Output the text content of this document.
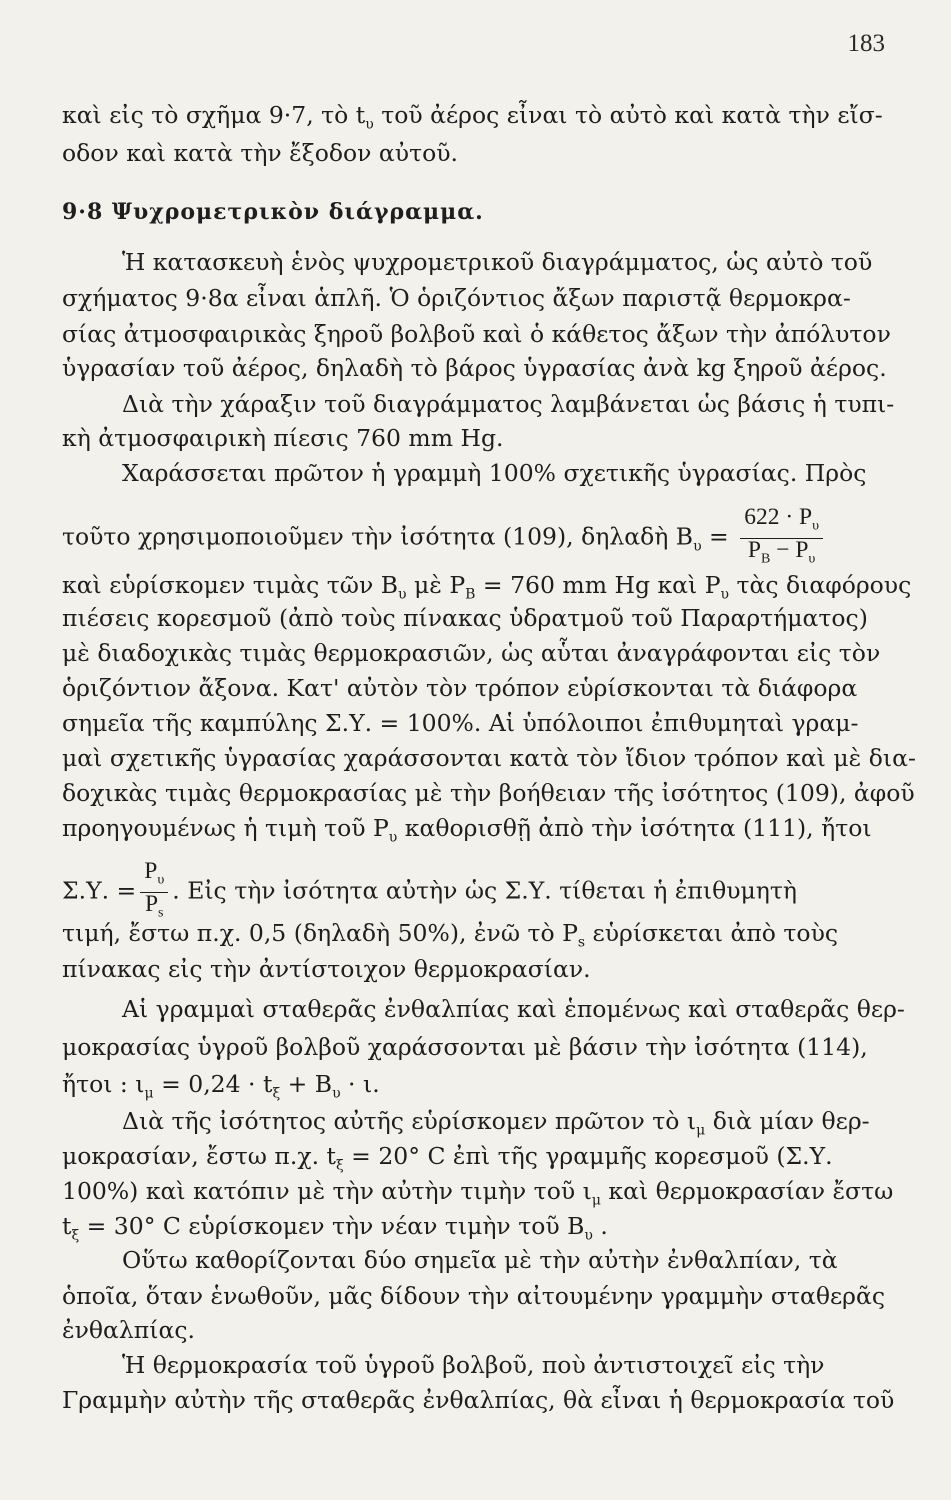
183
καὶ εἰς τὸ σχῆμα 9·7, τὸ $t_\upsilon$ τοῦ ἀέρος εἶναι τὸ αὐτὸ καὶ κατὰ τὴν εἴσ-
οδον καὶ κατὰ τὴν ἔξοδον αὐτοῦ.
9·8 Ψυχρομετρικὸν διάγραμμα.
Ἡ κατασκευὴ ἑνὸς ψυχρομετρικοῦ διαγράμματος, ὡς αὐτὸ τοῦ
σχήματος 9·8α εἶναι ἁπλῆ. Ὁ ὁριζόντιος ἄξων παριστᾷ θερμοκρα-
σίας ἀτμοσφαιρικὰς ξηροῦ βολβοῦ καὶ ὁ κάθετος ἄξων τὴν ἀπόλυτον
ὑγρασίαν τοῦ ἀέρος, δηλαδὴ τὸ βάρος ὑγρασίας ἀνὰ kg ξηροῦ ἀέρος.
Διὰ τὴν χάραξιν τοῦ διαγράμματος λαμβάνεται ὡς βάσις ἡ τυπι-
κὴ ἀτμοσφαιρικὴ πίεσις 760 mm Hg.
Χαράσσεται πρῶτον ἡ γραμμὴ 100% σχετικῆς ὑγρασίας. Πρὸς
τοῦτο χρησιμοποιοῦμεν τὴν ἰσότητα (109), δηλαδὴ $B_\upsilon = \frac{622 \cdot P_\upsilon}{P_B - P_\upsilon}$
καὶ εὑρίσκομεν τιμὰς τῶν $B_\upsilon$ μὲ $P_B = 760$ mm Hg καὶ $P_\upsilon$ τὰς διαφόρους
πιέσεις κορεσμοῦ (ἀπὸ τοὺς πίνακας ὑδρατμοῦ τοῦ Παραρτήματος)
μὲ διαδοχικὰς τιμὰς θερμοκρασιῶν, ὡς αὗται ἀναγράφονται εἰς τὸν
ὁριζόντιον ἄξονα. Κατ' αὐτὸν τὸν τρόπον εὑρίσκονται τὰ διάφορα
σημεῖα τῆς καμπύλης Σ.Υ. = 100%. Αἱ ὑπόλοιποι ἐπιθυμηταὶ γραμ-
μαὶ σχετικῆς ὑγρασίας χαράσσονται κατὰ τὸν ἴδιον τρόπον καὶ μὲ δια-
δοχικὰς τιμὰς θερμοκρασίας μὲ τὴν βοήθειαν τῆς ἰσότητος (109), ἀφοῦ
προηγουμένως ἡ τιμὴ τοῦ $P_\upsilon$ καθορισθῇ ἀπὸ τὴν ἰσότητα (111), ἤτοι
Σ.Υ. = $\frac{P_\upsilon}{P_s}$ . Εἰς τὴν ἰσότητα αὐτὴν ὡς Σ.Υ. τίθεται ἡ ἐπιθυμητὴ
τιμή, ἔστω π.χ. 0,5 (δηλαδὴ 50%), ἐνῶ τὸ $P_s$ εὑρίσκεται ἀπὸ τοὺς
πίνακας εἰς τὴν ἀντίστοιχον θερμοκρασίαν.
Αἱ γραμμαὶ σταθερᾶς ἐνθαλπίας καὶ ἑπομένως καὶ σταθερᾶς θερ-
μοκρασίας ὑγροῦ βολβοῦ χαράσσονται μὲ βάσιν τὴν ἰσότητα (114),
ἤτοι : $\iota_\mu = 0,24 \cdot t_\xi + B_\upsilon \cdot \iota$.
Διὰ τῆς ἰσότητος αὐτῆς εὑρίσκομεν πρῶτον τὸ $\iota_\mu$ διὰ μίαν θερ-
μοκρασίαν, ἔστω π.χ. $t_\xi = 20^\circ$ C ἐπὶ τῆς γραμμῆς κορεσμοῦ (Σ.Υ.
100%) καὶ κατόπιν μὲ τὴν αὐτὴν τιμὴν τοῦ $\iota_\mu$ καὶ θερμοκρασίαν ἔστω
$t_\xi = 30^\circ$ C εὑρίσκομεν τὴν νέαν τιμὴν τοῦ $B_\upsilon$ .
Οὕτω καθορίζονται δύο σημεῖα μὲ τὴν αὐτὴν ἐνθαλπίαν, τὰ
ὁποῖα, ὅταν ἑνωθοῦν, μᾶς δίδουν τὴν αἰτουμένην γραμμὴν σταθερᾶς
ἐνθαλπίας.
Ἡ θερμοκρασία τοῦ ὑγροῦ βολβοῦ, ποὺ ἀντιστοιχεῖ εἰς τὴν
Γραμμὴν αὐτὴν τῆς σταθερᾶς ἐνθαλπίας, θὰ εἶναι ἡ θερμοκρασία τοῦ
